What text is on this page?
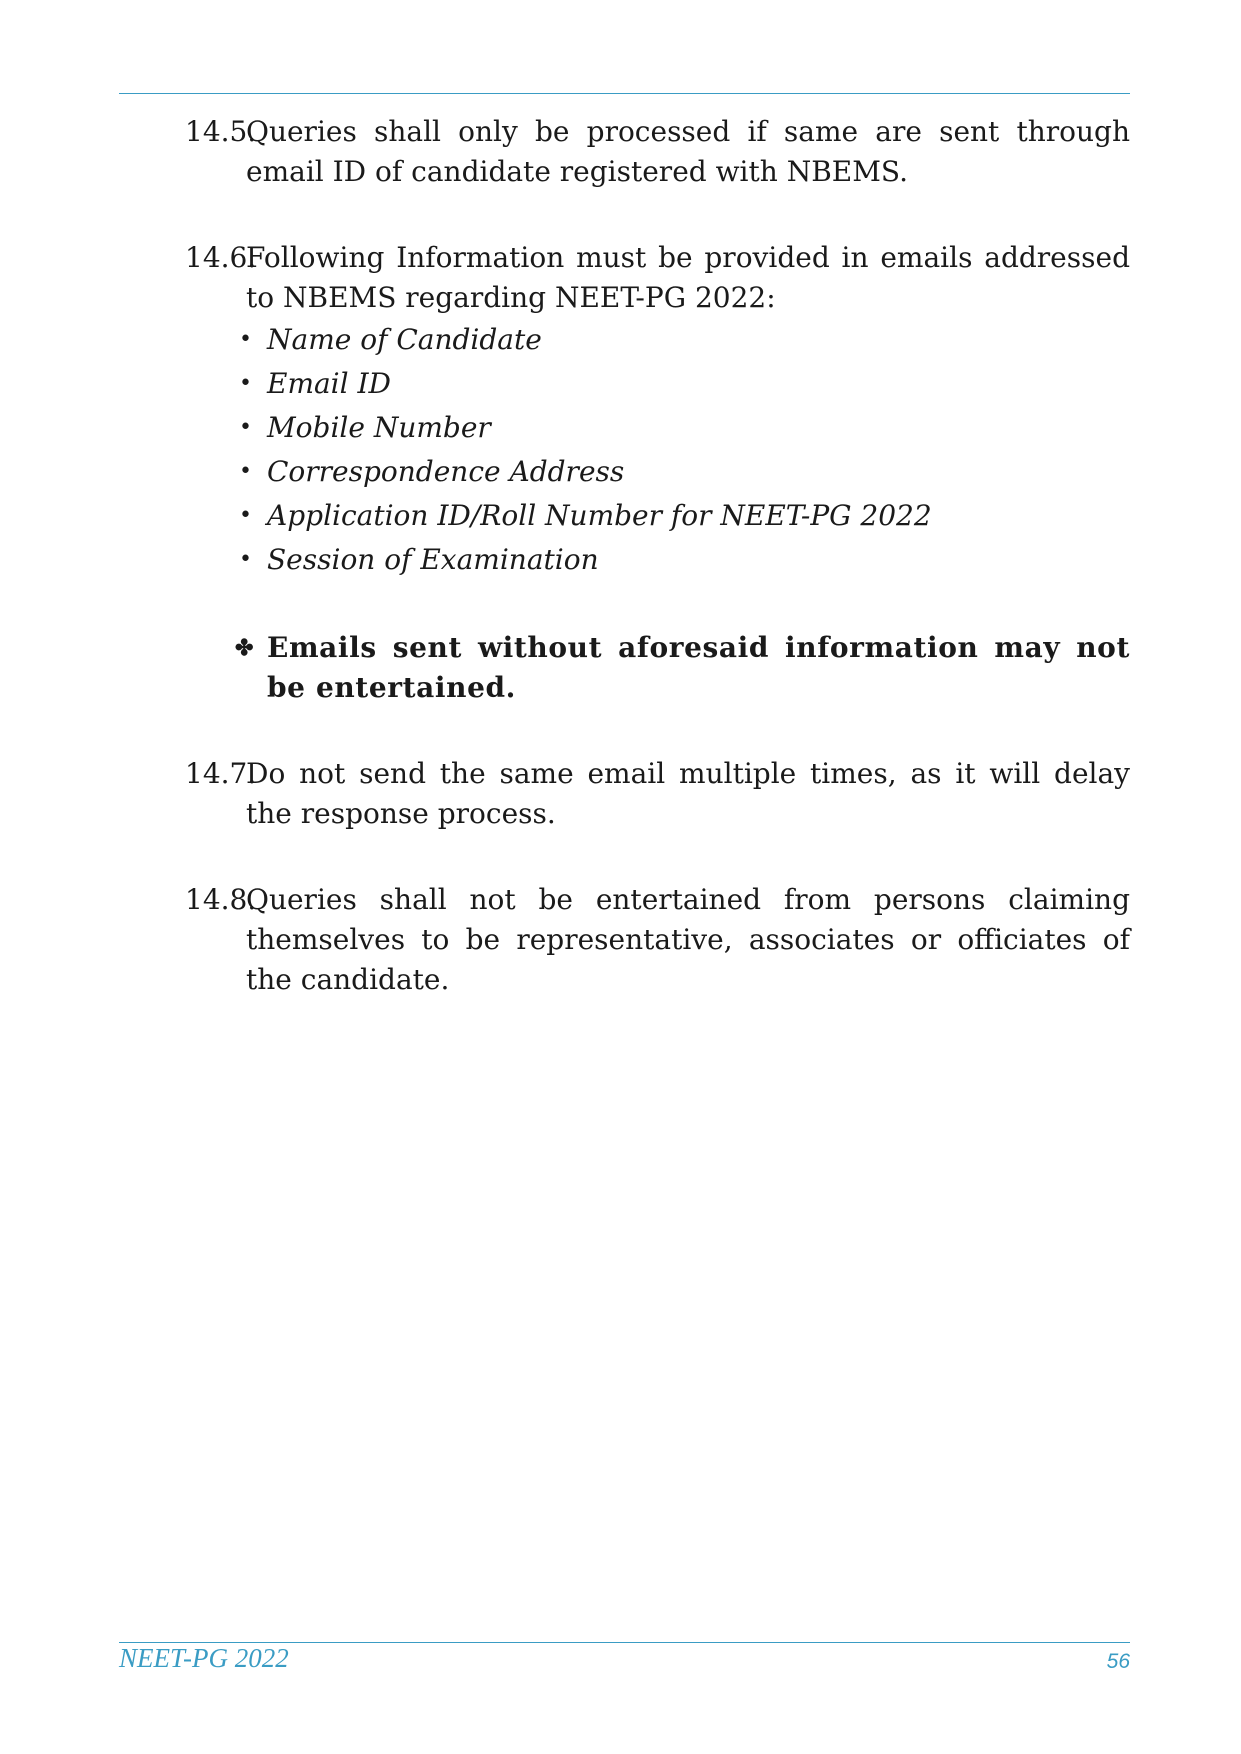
14.5.
Queries shall only be processed if same are sent through email ID of candidate registered with NBEMS.
14.6.
Following Information must be provided in emails addressed to NBEMS regarding NEET-PG 2022:
• Name of Candidate
• Email ID
• Mobile Number
• Correspondence Address
• Application ID/Roll Number for NEET-PG 2022
• Session of Examination
✤ Emails sent without aforesaid information may not be entertained.
14.7.
Do not send the same email multiple times, as it will delay the response process.
14.8.
Queries shall not be entertained from persons claiming themselves to be representative, associates or officiates of the candidate.
NEET-PG 2022	56
